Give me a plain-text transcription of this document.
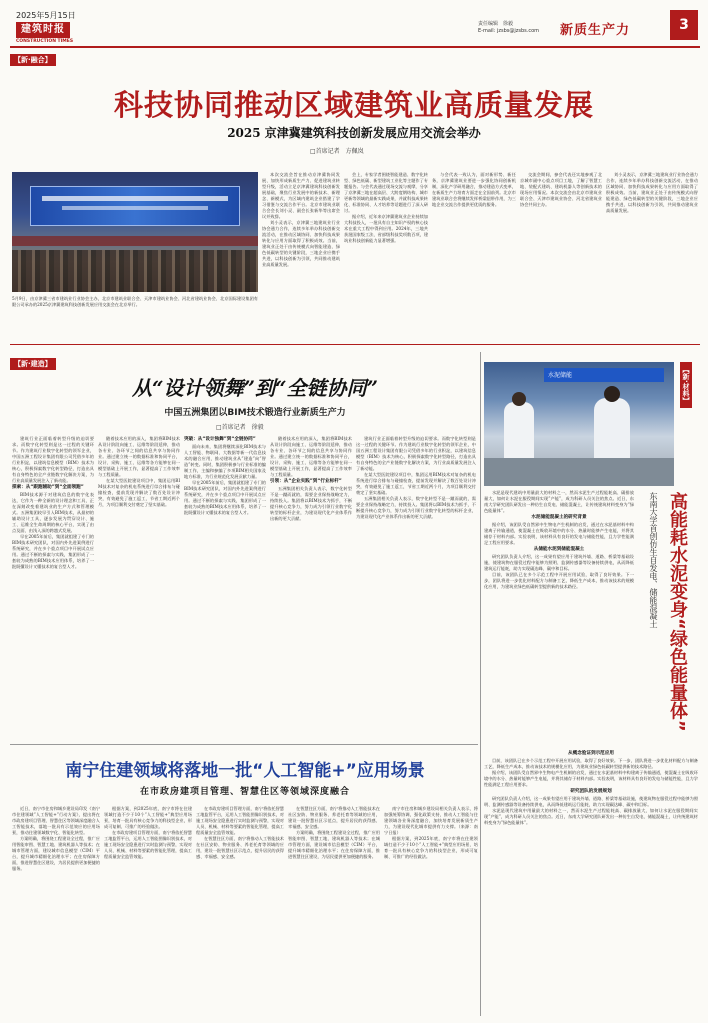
2025年5月15日
建筑时报
CONSTRUCTION TIMES
责任编辑　徐毅
E-mail: jzsbs@jzsbs.com 新质生产力	3
【新·融合】
科技协同推动区域建筑业高质量发展
2025 京津冀建筑科技创新发展应用交流会举办
□首席记者　方佩岚
5月9日，由京津冀三省市建筑业行业协会主办，北京市建筑业联合会、天津市建筑业协会、河北省建筑业协会、北京国际建设集团有限公司承办的2025京津冀建筑科技创新发展应用交流会在北京举行。

本次交流会旨在推动京津冀协同发展、加快形成新质生产力、促进建筑业转型升级，活动立足京津冀建筑科技创新发展基础，聚焦行业发展中的新技术、新理念、新模式，为区域内建筑企业搭建了学习借鉴与交流合作平台。北京市建筑业联合会会长刘小灵、副会长张新华等出席会议并致辞。

刘小灵表示，京津冀三地建筑业行业协会通力合作，连续多年举办科技创新交流活动，在推动区域协同、加快科技成果转化与应用方面取得了积极成效。当前，建筑业正处于由传统模式向智能建造、绿色低碳转型的关键阶段，三地企业应携手共进，以科技创新为引领，共同推动建筑业高质量发展。

会上，专家学者围绕智能建造、数字化转型、绿色低碳、新型建筑工业化等主题作了专题报告。与会代表通过现场交流与观摩，分享了京津冀三地在超高层、大跨度钢结构、城市更新等领域的最新实践成果，并就科技成果转化、标准协同、人才培养等话题进行了深入研讨。

据介绍，近年来京津冀建筑业企业持续加大科技投入，一批具有自主知识产权的核心技术在重大工程中得到应用。2024年，三地共获批国家级工法、省部级科技奖项数百项，建筑业科技创新能力显著增强。

与会代表一致认为，面对新形势、新任务，京津冀建筑业要进一步强化协同创新机制，深化产学研用融合，推动建造方式变革，在新质生产力培育方面走在全国前列。北京市建筑业联合会将继续发挥桥梁纽带作用，为三地企业交流合作提供更优质的服务。

交流会期间，参会代表还实地参观了北京城市副中心重点项目工地，了解了智慧工地、装配式建筑、建筑机器人等创新技术的现场应用情况。本次交流会由北京市建筑业联合会、天津市建筑业协会、河北省建筑业协会共同主办。

刘小灵表示，京津冀三地建筑业行业协会通力合作，连续多年举办科技创新交流活动，在推动区域协同、加快科技成果转化与应用方面取得了积极成效。当前，建筑业正处于由传统模式向智能建造、绿色低碳转型的关键阶段，三地企业应携手共进，以科技创新为引领，共同推动建筑业高质量发展。

【新·建造】
从“设计领舞”到“全链协同”
中国五洲集团以BIM技术锻造行业新质生产力
□首席记者　徐毅

建筑行业正面临着转型升级的迫切要求。而数字化转型则是这一过程的关键环节。作为建筑行业数字化转型的领军企业，中国五洲工程设计集团有限公司凭借多年的行业积淀，以建筑信息模型（BIM）技术为核心，积极探索数字化转型路径，打造出具有自身特色的全产业链数字化解决方案，为行业高质量发展注入了新动能。

探索：从“跟跑辅助”到“全面领跑”

BIM技术源于对建筑信息的数字化表达，它作为一种全新的设计理念和工具，正在深刻改变着建筑业的生产方式和管理模式。五洲集团较早引入BIM技术，从最初的辅助设计工具，逐步发展为贯穿设计、施工、运维全生命周期的核心平台，实现了由点及面、由浅入深的跨越式发展。

早在2005年前后，集团就组建了专门的BIM技术研究团队，对国内外先进案例进行系统研究，并在多个重点项目中开展试点应用。通过不断的探索与实践，集团形成了一套较为成熟的BIM技术应用体系，培养了一批既懂设计又懂技术的复合型人才。

随着技术应用的深入，集团将BIM技术从设计阶段向施工、运维等阶段延伸，推动各专业、各环节之间的信息共享与协同作业。通过建立统一的数据标准和协同平台，设计、采购、施工、运维等各方能够在同一模型基础上开展工作，显著提高了工作效率与工程质量。

在某大型医院建设项目中，集团运用BIM技术对复杂的机电系统进行综合排布与碰撞检查，提前发现并解决了数百处设计冲突，有效避免了施工返工，节省工期近两个月，为项目顺利交付奠定了坚实基础。

突破：从“设计独舞”到“全链协同”

面向未来，集团将继续深化BIM技术与人工智能、物联网、大数据等新一代信息技术的融合应用，推动建筑业从“建造”向“智造”转变。同时，集团积极参与行业标准的编制工作，主编和参编了多项BIM相关国家及地方标准，为行业规范化发展贡献力量。

早在2005年前后，集团就组建了专门的BIM技术研究团队，对国内外先进案例进行系统研究，并在多个重点项目中开展试点应用。通过不断的探索与实践，集团形成了一套较为成熟的BIM技术应用体系，培养了一批既懂设计又懂技术的复合型人才。

随着技术应用的深入，集团将BIM技术从设计阶段向施工、运维等阶段延伸，推动各专业、各环节之间的信息共享与协同作业。通过建立统一的数据标准和协同平台，设计、采购、施工、运维等各方能够在同一模型基础上开展工作，显著提高了工作效率与工程质量。

引领：从“企业实践”到“行业标杆”

五洲集团相关负责人表示，数字化转型不是一蹴而就的，需要企业保持战略定力，持续投入。集团将以BIM技术为抓手，不断提升核心竞争力，努力成为引领行业数字化转型的标杆企业，为建设现代化产业体系作出新的更大贡献。

建筑行业正面临着转型升级的迫切要求。而数字化转型则是这一过程的关键环节。作为建筑行业数字化转型的领军企业，中国五洲工程设计集团有限公司凭借多年的行业积淀，以建筑信息模型（BIM）技术为核心，积极探索数字化转型路径，打造出具有自身特色的全产业链数字化解决方案，为行业高质量发展注入了新动能。

在某大型医院建设项目中，集团运用BIM技术对复杂的机电系统进行综合排布与碰撞检查，提前发现并解决了数百处设计冲突，有效避免了施工返工，节省工期近两个月，为项目顺利交付奠定了坚实基础。

五洲集团相关负责人表示，数字化转型不是一蹴而就的，需要企业保持战略定力，持续投入。集团将以BIM技术为抓手，不断提升核心竞争力，努力成为引领行业数字化转型的标杆企业，为建设现代化产业体系作出新的更大贡献。

【新·材料】
水泥储能

水泥是现代建筑中用量最大的材料之一，然而水泥生产过程能耗高、碳排放量大，如何让水泥在服役期间实现“产能”，成为科研人员关注的焦点。近日，东南大学研究团队研发出一种仿生自发电、储能混凝土，让传统建筑材料变身为“绿色能量体”。

水泥储能混凝土的研究背景

据介绍，该团队受自然界中生物电产生机制的启发，通过在水泥基材料中构建离子传输通道，使混凝土在吸收环境中的水分、热量时能够产生电能，并将其储存于材料内部。实验表明，该材料具有良好的发电与储能性能，且力学性能满足工程应用要求。

从储能水泥到储能混凝土

研究团队负责人介绍，这一成果有望应用于建筑外墙、道路、桥梁等基础设施，使建筑物在服役过程中能够为照明、监测传感器等设备持续供电，从而降低建筑运行能耗，助力实现碳达峰、碳中和目标。

目前，该团队已在多个示范工程中开展应用试验，取得了良好效果。下一步，团队将进一步优化材料配方与制备工艺，降低生产成本，推动该技术的规模化应用，为建筑业绿色低碳转型提供新的技术路径。	高能耗水泥变身“绿色能量体”
东南大学首创仿生自发电、储能混凝土
从概念验证到示范应用

目前，该团队已在多个示范工程中开展应用试验，取得了良好效果。下一步，团队将进一步优化材料配方与制备工艺，降低生产成本，推动该技术的规模化应用，为建筑业绿色低碳转型提供新的技术路径。

据介绍，该团队受自然界中生物电产生机制的启发，通过在水泥基材料中构建离子传输通道，使混凝土在吸收环境中的水分、热量时能够产生电能，并将其储存于材料内部。实验表明，该材料具有良好的发电与储能性能，且力学性能满足工程应用要求。

研究团队的发展规划

研究团队负责人介绍，这一成果有望应用于建筑外墙、道路、桥梁等基础设施，使建筑物在服役过程中能够为照明、监测传感器等设备持续供电，从而降低建筑运行能耗，助力实现碳达峰、碳中和目标。

水泥是现代建筑中用量最大的材料之一，然而水泥生产过程能耗高、碳排放量大，如何让水泥在服役期间实现“产能”，成为科研人员关注的焦点。近日，东南大学研究团队研发出一种仿生自发电、储能混凝土，让传统建筑材料变身为“绿色能量体”。

南宁住建领域将落地一批“人工智能+”应用场景
在市政房建项目管理、智慧住区等领域深度融合

近日，南宁市住房和城乡建设局印发《南宁市住建领域“人工智能+”行动方案》，提出将在市政房建项目管理、智慧住区等领域深度融合人工智能技术，落地一批具有示范效应的应用场景，推动住建领域数字化、智能化转型。

方案明确，将围绕工程建设全过程，推广应用智能审图、智慧工地、建筑机器人等技术；在城市管理方面，建设城市信息模型（CIM）平台，提升城市精细化治理水平；在住房保障方面，推进智慧住区建设，为居民提供更加便捷的服务。

根据方案，到2025年底，南宁市将在住建领域打造不少于10个“人工智能+”典型应用场景，培育一批具有核心竞争力的科技型企业，形成可复制、可推广的经验做法。

在市政房建项目管理方面，南宁将依托智慧工地监管平台，运用人工智能图像识别技术，对施工现场安全隐患进行实时监测与预警，实现对人员、机械、材料等要素的智能化管理，提高工程质量安全监管效能。

在市政房建项目管理方面，南宁将依托智慧工地监管平台，运用人工智能图像识别技术，对施工现场安全隐患进行实时监测与预警，实现对人员、机械、材料等要素的智能化管理，提高工程质量安全监管效能。

在智慧住区方面，南宁将推动人工智能技术在社区安防、物业服务、养老托育等领域的应用，建设一批智慧社区示范点，提升居民的获得感、幸福感、安全感。

在智慧住区方面，南宁将推动人工智能技术在社区安防、物业服务、养老托育等领域的应用，建设一批智慧社区示范点，提升居民的获得感、幸福感、安全感。

方案明确，将围绕工程建设全过程，推广应用智能审图、智慧工地、建筑机器人等技术；在城市管理方面，建设城市信息模型（CIM）平台，提升城市精细化治理水平；在住房保障方面，推进智慧住区建设，为居民提供更加便捷的服务。

南宁市住房和城乡建设局相关负责人表示，将加强统筹协调，强化政策支持，推动人工智能与住建领域各业务深度融合，加快培育发展新质生产力，为建设现代化城市提供有力支撑。（来源：南宁日报）

根据方案，到2025年底，南宁市将在住建领域打造不少于10个“人工智能+”典型应用场景，培育一批具有核心竞争力的科技型企业，形成可复制、可推广的经验做法。
